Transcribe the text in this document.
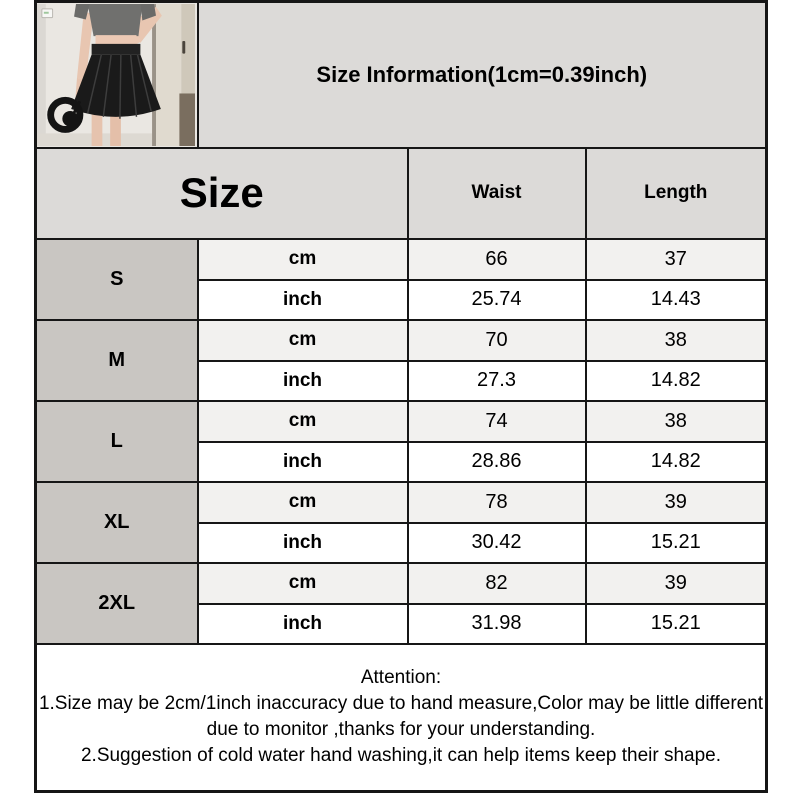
	Size Information(1cm=0.39inch)		
Size		Waist	Length
S	cm	66	37
	inch	25.74	14.43
M	cm	70	38
	inch	27.3	14.82
L	cm	74	38
	inch	28.86	14.82
XL	cm	78	39
	inch	30.42	15.21
2XL	cm	82	39
	inch	31.98	15.21

Attention:

1.Size may be 2cm/1inch inaccuracy due to hand measure,Color may be little different due to monitor ,thanks for your understanding.

2.Suggestion of cold water hand washing,it can help items keep their shape.			
